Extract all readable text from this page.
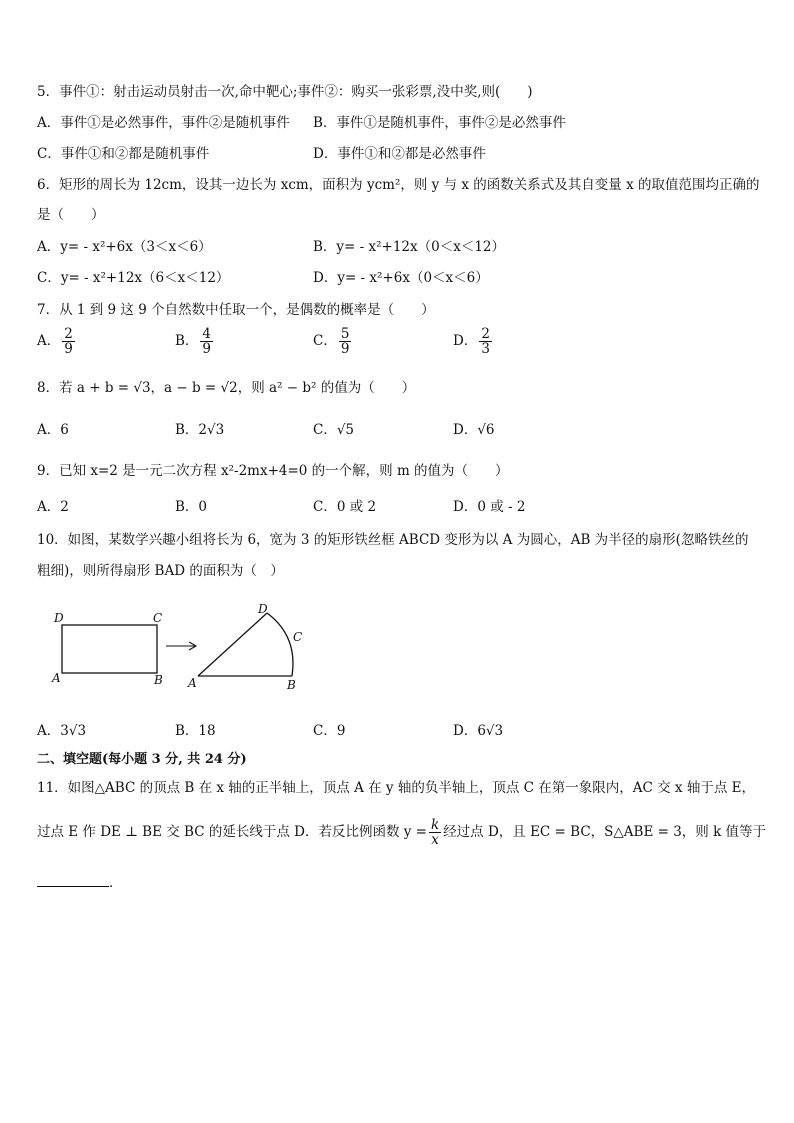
5．事件①：射击运动员射击一次,命中靶心;事件②：购买一张彩票,没中奖,则(　　)
A．事件①是必然事件，事件②是随机事件 B．事件①是随机事件，事件②是必然事件
C．事件①和②都是随机事件	D．事件①和②都是必然事件
6．矩形的周长为 12cm，设其一边长为 xcm，面积为 ycm²，则 y 与 x 的函数关系式及其自变量 x 的取值范围均正确的
是（　　）
A．y= - x²+6x（3＜x＜6）	B．y= - x²+12x（0＜x＜12）
C．y= - x²+12x（6＜x＜12）	D．y= - x²+6x（0＜x＜6）
7．从 1 到 9 这 9 个自然数中任取一个，是偶数的概率是（　　）
A． $\frac{2}{9}$	B． $\frac{4}{9}$	C． $\frac{5}{9}$	D． $\frac{2}{3}$
8．若 a + b = √3，a − b = √2，则 a² − b² 的值为（　　）
A．6	B．2√3	C．√5	D．√6
9．已知 x=2 是一元二次方程 x²-2mx+4=0 的一个解，则 m 的值为（　　）
A．2	B．0	C．0 或 2	D．0 或 - 2
10．如图，某数学兴趣小组将长为 6，宽为 3 的矩形铁丝框 ABCD 变形为以 A 为圆心，AB 为半径的扇形(忽略铁丝的
粗细)，则所得扇形 BAD 的面积为（　）
D	C
A	B
D
C
A	B
A．3√3	B．18	C．9	D．6√3
二、填空题(每小题 3 分, 共 24 分)
11．如图△ABC 的顶点 B 在 x 轴的正半轴上，顶点 A 在 y 轴的负半轴上，顶点 C 在第一象限内，AC 交 x 轴于点 E，
过点 E 作 DE ⊥ BE 交 BC 的延长线于点 D．若反比例函数 $y = \frac{k}{x}$ 经过点 D，且 EC = BC，S△ABE = 3，则 k 值等于
．
